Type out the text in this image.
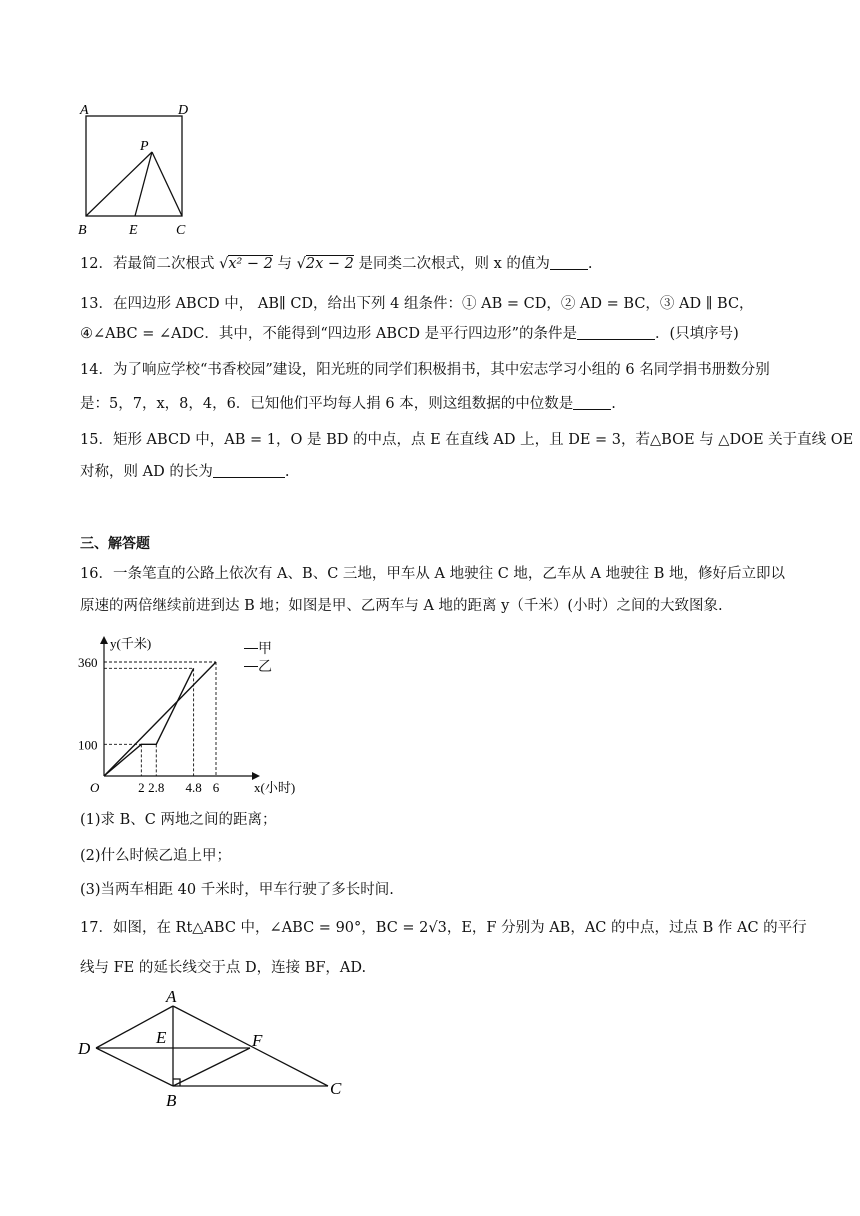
A	D
P
B	E	C
12．若最简二次根式 √x² − 2 与 √2x − 2 是同类二次根式，则 x 的值为	.
13．在四边形 ABCD 中， AB∥ CD，给出下列 4 组条件：① AB = CD，② AD = BC，③ AD ∥ BC，
④∠ABC = ∠ADC．其中，不能得到“四边形 ABCD 是平行四边形”的条件是	．(只填序号)
14．为了响应学校“书香校园”建设，阳光班的同学们积极捐书，其中宏志学习小组的 6 名同学捐书册数分别
是：5，7，x，8，4，6．已知他们平均每人捐 6 本，则这组数据的中位数是	.
15．矩形 ABCD 中，AB = 1，O 是 BD 的中点，点 E 在直线 AD 上，且 DE = 3，若△BOE 与 △DOE 关于直线 OE
对称，则 AD 的长为	.
三、解答题
16．一条笔直的公路上依次有 A、B、C 三地，甲车从 A 地驶往 C 地，乙车从 A 地驶往 B 地，修好后立即以
原速的两倍继续前进到达 B 地；如图是甲、乙两车与 A 地的距离 y（千米）(小时）之间的大致图象.
2 2.8 4.8 6
100
360
y(千米)
x(小时)
O
甲
乙
(1)求 B、C 两地之间的距离；
(2)什么时候乙追上甲；
(3)当两车相距 40 千米时，甲车行驶了多长时间.
17．如图，在 Rt△ABC 中，∠ABC = 90°，BC = 2√3，E，F 分别为 AB，AC 的中点，过点 B 作 AC 的平行
线与 FE 的延长线交于点 D，连接 BF，AD.
A
D
E	F
B
C
